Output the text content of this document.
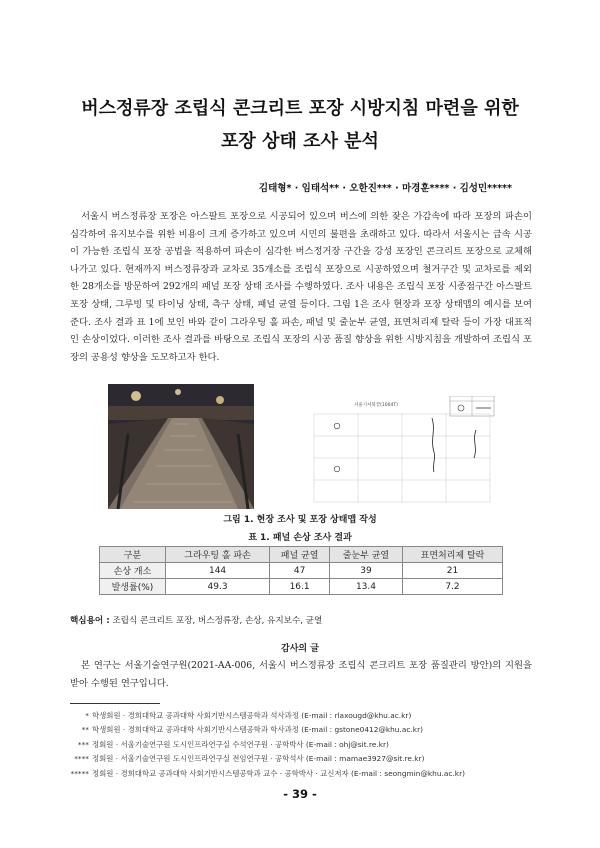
버스정류장 조립식 콘크리트 포장 시방지침 마련을 위한
포장 상태 조사 분석
김태형* · 임태석** · 오한진*** · 마경훈**** · 김성민*****

서울시 버스정류장 포장은 아스팔트 포장으로 시공되어 있으며 버스에 의한 잦은 가감속에 따라 포장의 파손이 심각하여 유지보수를 위한 비용이 크게 증가하고 있으며 시민의 불편을 초래하고 있다. 따라서 서울시는 급속 시공이 가능한 조립식 포장 공법을 적용하여 파손이 심각한 버스정거장 구간을 강성 포장인 콘크리트 포장으로 교체해 나가고 있다. 현재까지 버스정류장과 교차로 35개소를 조립식 포장으로 시공하였으며 철거구간 및 교차로를 제외한 28개소를 방문하여 292개의 패널 포장 상태 조사를 수행하였다. 조사 내용은 조립식 포장 시종점구간 아스팔트 포장 상태, 그루빙 및 타이닝 상태, 측구 상태, 패널 균열 등이다. 그림 1은 조사 현장과 포장 상태맵의 예시를 보여준다. 조사 결과 표 1에 보인 바와 같이 그라우팅 홀 파손, 패널 및 줄눈부 균열, 표면처리제 탈락 등이 가장 대표적인 손상이었다. 이러한 조사 결과를 바탕으로 조립식 포장의 시공 품질 향상을 위한 시방지침을 개발하여 조립식 포장의 공용성 향상을 도모하고자 한다.

서울시서북끝(1004T)
그림 1. 현장 조사 및 포장 상태맵 작성
표 1. 패널 손상 조사 결과
구분	그라우팅 홀 파손	패널 균열	줄눈부 균열	표면처리제 탈락
손상 개소	144	47	39	21
발생률(%)	49.3	16.1	13.4	7.2
핵심용어 : 조립식 콘크리트 포장, 버스정류장, 손상, 유지보수, 균열
감사의 글

본 연구는 서울기술연구원(2021-AA-006, 서울시 버스정류장 조립식 콘크리트 포장 품질관리 방안)의 지원을 받아 수행된 연구입니다.

* 학생회원 · 경희대학교 공과대학 사회기반시스템공학과 석사과정 (E-mail : rlaxougd@khu.ac.kr)
** 학생회원 · 경희대학교 공과대학 사회기반시스템공학과 학사과정 (E-mail : gstone0412@khu.ac.kr)
*** 정회원 · 서울기술연구원 도시인프라연구실 수석연구원 · 공학박사 (E-mail : ohj@sit.re.kr)
**** 정회원 · 서울기술연구원 도시인프라연구실 전임연구원 · 공학석사 (E-mail : mamae3927@sit.re.kr)
***** 정회원 · 경희대학교 공과대학 사회기반시스템공학과 교수 · 공학박사 · 교신저자 (E-mail : seongmin@khu.ac.kr)
- 39 -
